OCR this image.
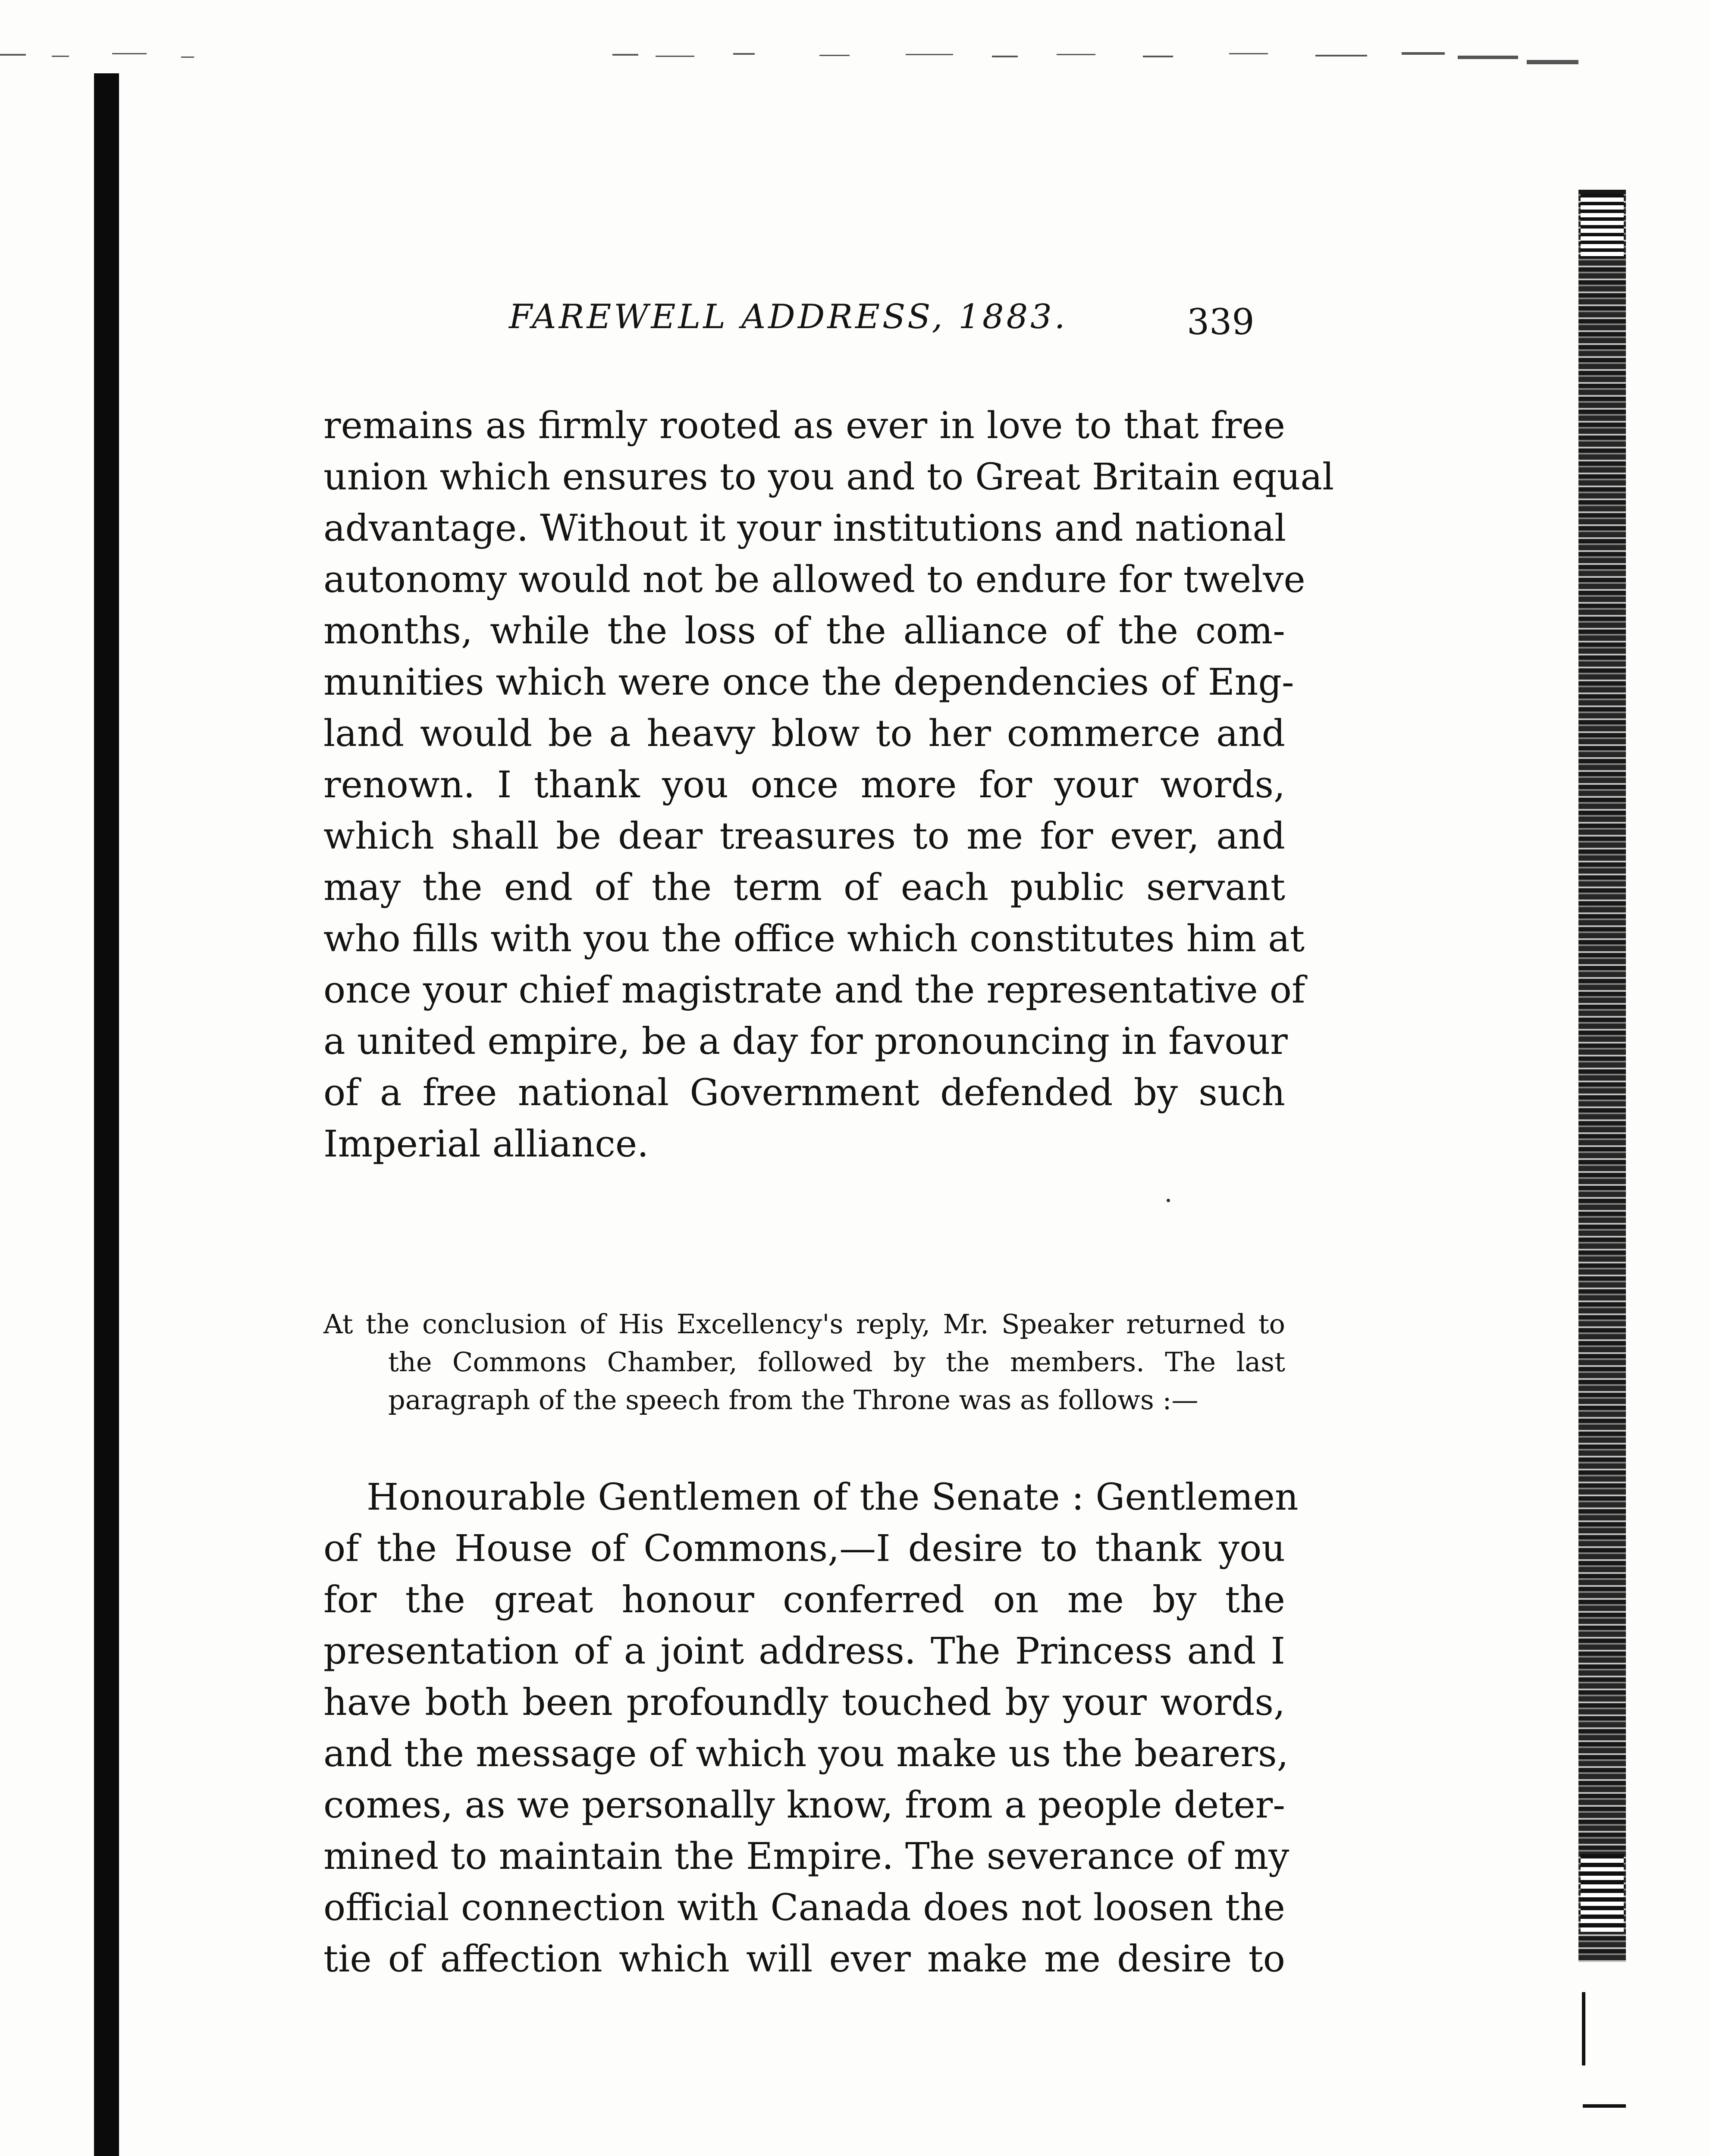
FAREWELL ADDRESS, 1883.	339
remains as firmly rooted as ever in love to that free
union which ensures to you and to Great Britain equal
advantage. Without it your institutions and national
autonomy would not be allowed to endure for twelve
months, while the loss of the alliance of the com-
munities which were once the dependencies of Eng-
land would be a heavy blow to her commerce and
renown. I thank you once more for your words,
which shall be dear treasures to me for ever, and
may the end of the term of each public servant
who fills with you the office which constitutes him at
once your chief magistrate and the representative of
a united empire, be a day for pronouncing in favour
of a free national Government defended by such
Imperial alliance.
At the conclusion of His Excellency's reply, Mr. Speaker returned to
the Commons Chamber, followed by the members. The last
paragraph of the speech from the Throne was as follows :—
Honourable Gentlemen of the Senate : Gentlemen
of the House of Commons,—I desire to thank you
for the great honour conferred on me by the
presentation of a joint address. The Princess and I
have both been profoundly touched by your words,
and the message of which you make us the bearers,
comes, as we personally know, from a people deter-
mined to maintain the Empire. The severance of my
official connection with Canada does not loosen the
tie of affection which will ever make me desire to
